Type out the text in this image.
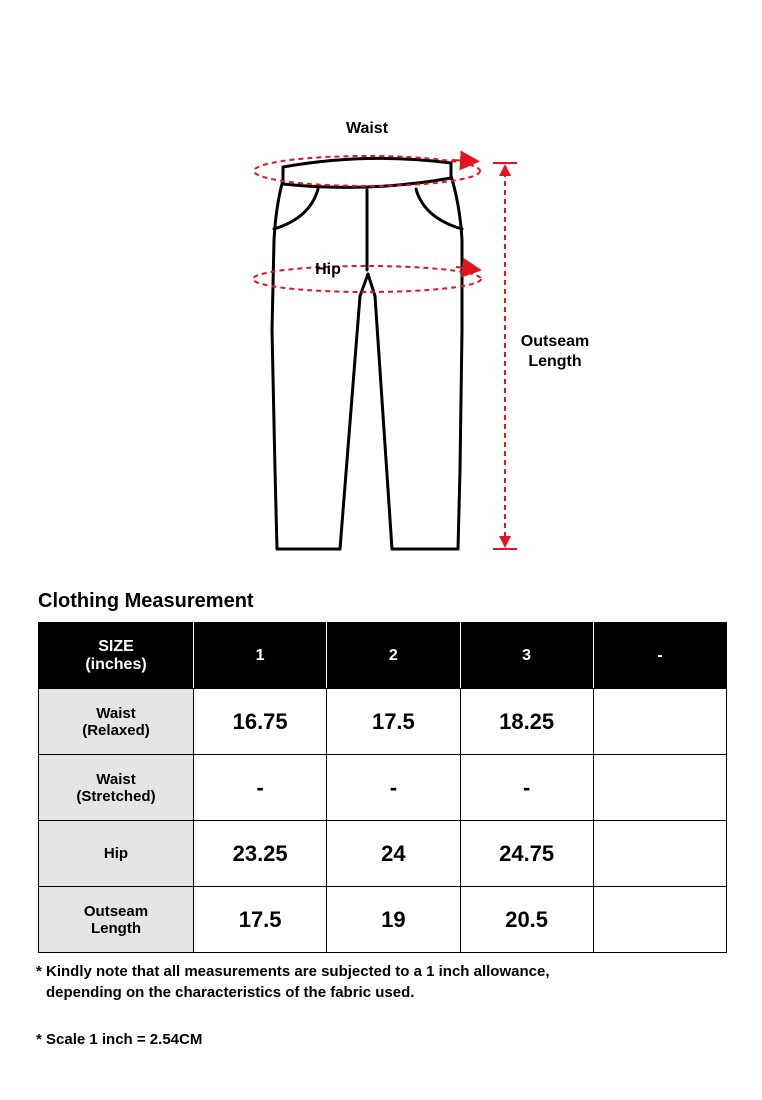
Waist
Hip
Outseam
Length
Clothing Measurement
SIZE
(inches)	1	2	3	-

Waist
(Relaxed)	16.75	17.5	18.25	

Waist
(Stretched)	-	-	-	

Hip	23.25	24	24.75	

Outseam
Length	17.5	19	20.5	
* Kindly note that all measurements are subjected to a 1 inch allowance,
depending on the characteristics of the fabric used.
* Scale 1 inch = 2.54CM
